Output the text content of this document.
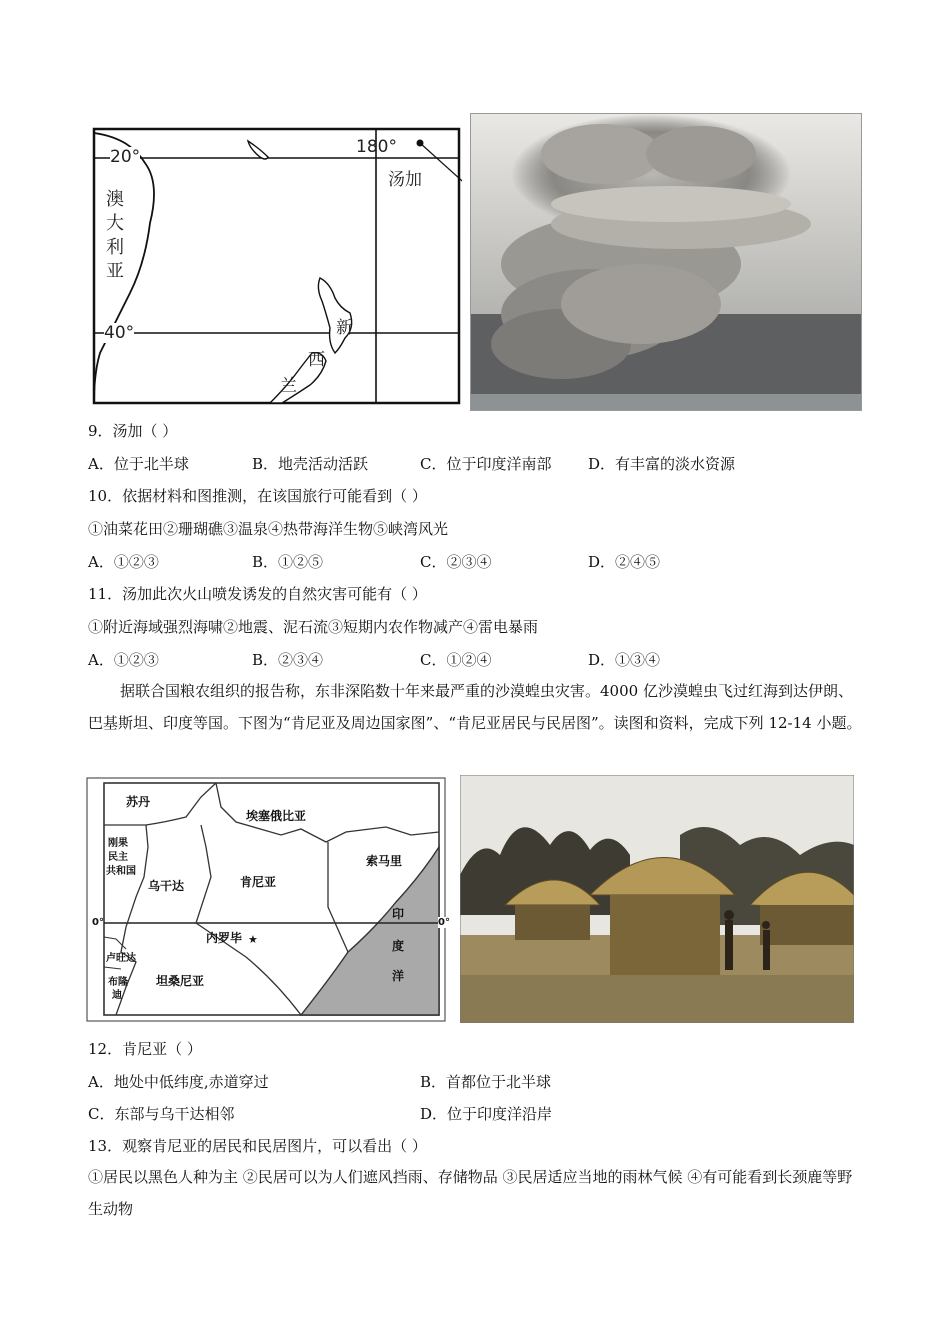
20°
40°
180°
汤加
澳
大
利
亚
新
西
兰
9．汤加（ ）
A．位于北半球	B．地壳活动活跃	C．位于印度洋南部 D．有丰富的淡水资源
10．依据材料和图推测，在该国旅行可能看到（ ）
①油菜花田②珊瑚礁③温泉④热带海洋生物⑤峡湾风光
A．①②③	B．①②⑤	C．②③④	D．②④⑤
11．汤加此次火山喷发诱发的自然灾害可能有（ ）
①附近海域强烈海啸②地震、泥石流③短期内农作物减产④雷电暴雨
A．①②③	B．②③④	C．①②④	D．①③④
据联合国粮农组织的报告称，东非深陷数十年来最严重的沙漠蝗虫灾害。4000 亿沙漠蝗虫飞过红海到达伊朗、巴基斯坦、印度等国。下图为“肯尼亚及周边国家图”、“肯尼亚居民与民居图”。读图和资料，完成下列 12-14 小题。
★
苏丹
埃塞俄比亚
刚果
民主
共和国
乌干达	肯尼亚
索马里
印
度
洋
0°	0°
内罗毕
卢旺达
布隆
迪
坦桑尼亚
12．肯尼亚（ ）
A．地处中低纬度,赤道穿过	B．首都位于北半球
C．东部与乌干达相邻	D．位于印度洋沿岸
13．观察肯尼亚的居民和民居图片，可以看出（ ）
①居民以黑色人种为主 ②民居可以为人们遮风挡雨、存储物品 ③民居适应当地的雨林气候 ④有可能看到长颈鹿等野生动物
